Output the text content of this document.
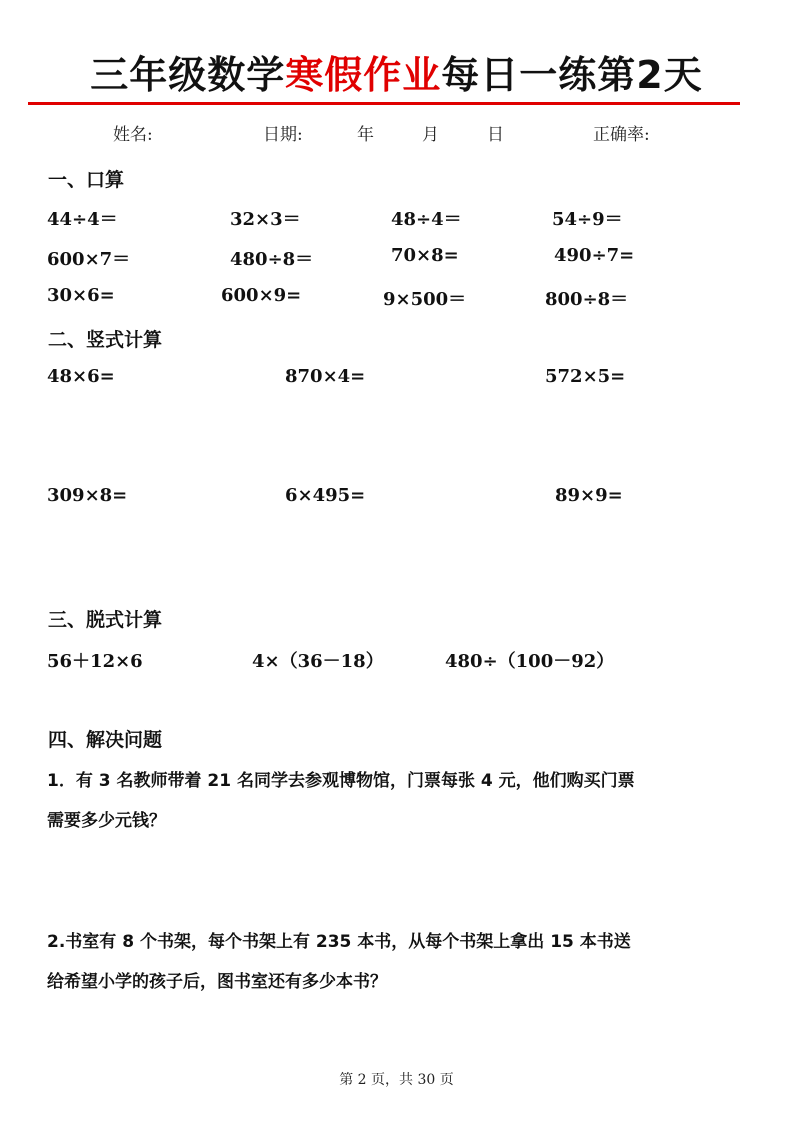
三年级数学寒假作业每日一练第2天
姓名:	日期:	年	月	日	正确率:
一、口算
44÷4＝	32×3＝	48÷4＝	54÷9＝
600×7＝	480÷8＝	70×8=	490÷7=
30×6=	600×9=	9×500＝	800÷8＝
二、竖式计算
48×6=	870×4=	572×5=
309×8=	6×495=	89×9=
三、脱式计算
56＋12×6	4×（36－18）	480÷（100－92）
四、解决问题
1．有 3 名教师带着 21 名同学去参观博物馆，门票每张 4 元，他们购买门票
需要多少元钱？
2.书室有 8 个书架，每个书架上有 235 本书，从每个书架上拿出 15 本书送
给希望小学的孩子后，图书室还有多少本书？
第 2 页，共 30 页
